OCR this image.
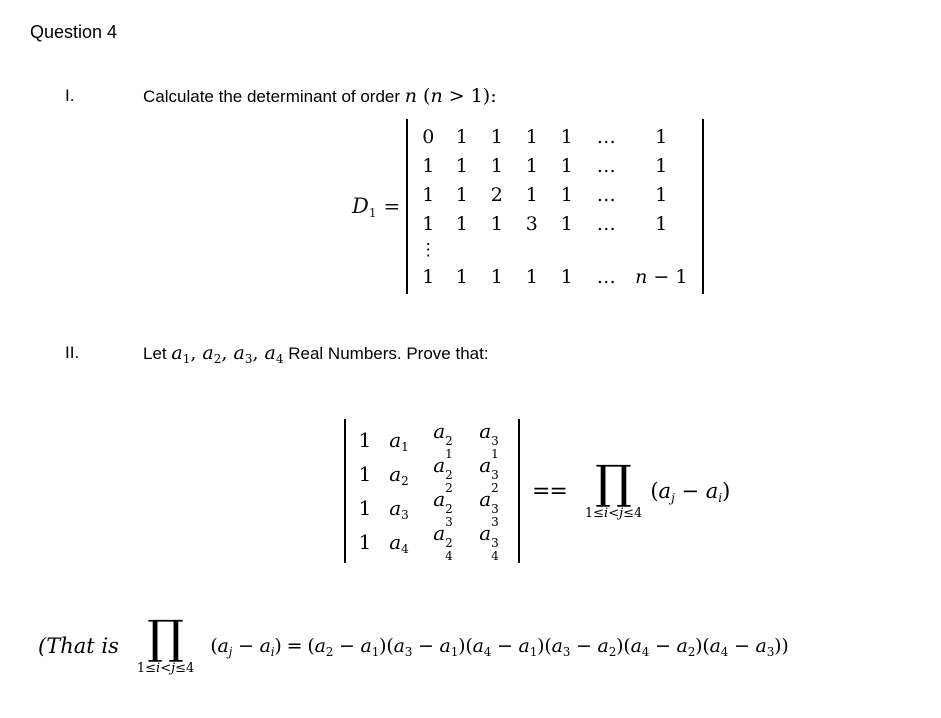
Question 4
I.	Calculate the determinant of order n (n > 1):
$D_1$ =
0 1 1 1 1 … 1
1 1 1 1 1 … 1
1 1 2 1 1 … 1
1 1 1 3 1 … 1
⋮
1 1 1 1 1 … n − 1
II.	Let $a_1$, $a_2$, $a_3$, $a_4$ Real Numbers. Prove that:
1 $a_1$
a 2
1
a 3
1
1 $a_2$
a 2
2
a 3
2
1 $a_3$
a 2
3
a 3
3
1 $a_4$
a 2
4
a 3
4
== ∏
1≤i<j≤4
$(a_j - a_i)$
(That is ∏
1≤i<j≤4
$(a_j - a_i) = (a_2 - a_1)(a_3 - a_1)(a_4 - a_1)(a_3 - a_2)(a_4 - a_2)(a_4 - a_3)$)
